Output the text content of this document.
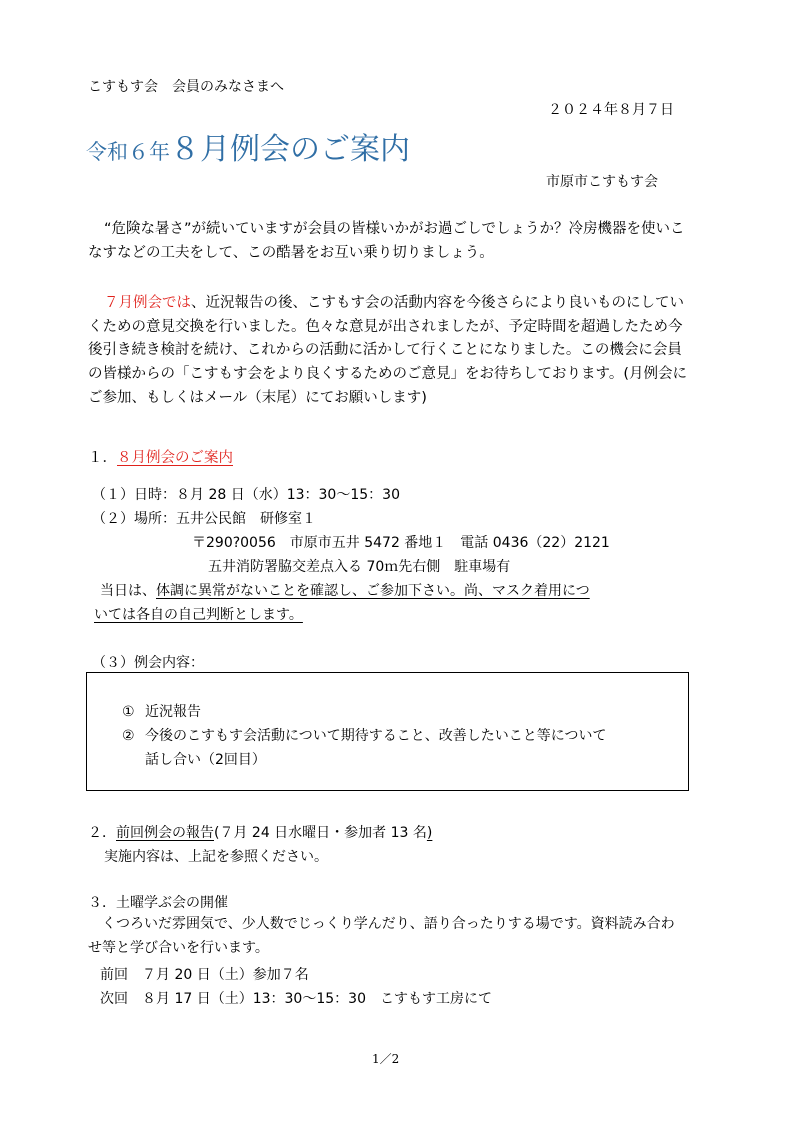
こすもす会　会員のみなさまへ
２０２４年８月７日
令和６年８月例会のご案内
市原市こすもす会
“危険な暑さ”が続いていますが会員の皆様いかがお過ごしでしょうか？冷房機器を使いこなすなどの工夫をして、この酷暑をお互い乗り切りましょう。
７月例会では、近況報告の後、こすもす会の活動内容を今後さらにより良いものにしていくための意見交換を行いました。色々な意見が出されましたが、予定時間を超過したため今後引き続き検討を続け、これからの活動に活かして行くことになりました。この機会に会員の皆様からの「こすもす会をより良くするためのご意見」をお待ちしております。(月例会にご参加、もしくはメール（末尾）にてお願いします)
１．８月例会のご案内
（１）日時：８月 28 日（水）13：30～15：30
（２）場所：五井公民館　研修室１
〒290?0056　市原市五井 5472 番地１　電話 0436（22）2121
五井消防署脇交差点入る 70ｍ先右側　駐車場有
当日は、体調に異常がないことを確認し、ご参加下さい。尚、マスク着用につ
いては各自の自己判断とします。
（３）例会内容：
① 近況報告
② 今後のこすもす会活動について期待すること、改善したいこと等について
話し合い（2回目）
２．前回例会の報告(７月 24 日水曜日・参加者 13 名)
実施内容は、上記を参照ください。
３．土曜学ぶ会の開催
くつろいだ雰囲気で、少人数でじっくり学んだり、語り合ったりする場です。資料読み合わせ等と学び合いを行います。
前回　７月 20 日（土）参加７名
次回　８月 17 日（土）13：30～15：30　こすもす工房にて
1／2
